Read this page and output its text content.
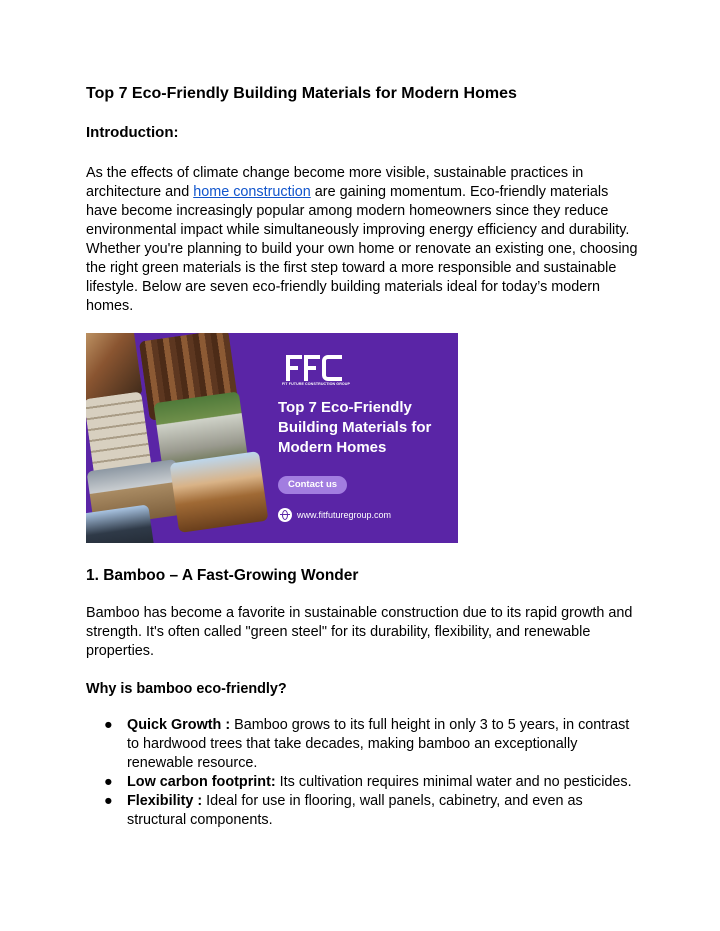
Top 7 Eco-Friendly Building Materials for Modern Homes
Introduction:

As the effects of climate change become more visible, sustainable practices in architecture and home construction are gaining momentum. Eco-friendly materials have become increasingly popular among modern homeowners since they reduce environmental impact while simultaneously improving energy efficiency and durability. Whether you're planning to build your own home or renovate an existing one, choosing the right green materials is the first step toward a more responsible and sustainable lifestyle. Below are seven eco-friendly building materials ideal for today’s modern homes.

FIT FUTURE CONSTRUCTION GROUP

Top 7 Eco-Friendly Building Materials for Modern Homes

Contact us
www.fitfuturegroup.com
1. Bamboo – A Fast-Growing Wonder

Bamboo has become a favorite in sustainable construction due to its rapid growth and strength. It's often called "green steel" for its durability, flexibility, and renewable properties.

Why is bamboo eco-friendly?
● Quick Growth : Bamboo grows to its full height in only 3 to 5 years, in contrast to hardwood trees that take decades, making bamboo an exceptionally renewable resource.
● Low carbon footprint: Its cultivation requires minimal water and no pesticides.
● Flexibility : Ideal for use in flooring, wall panels, cabinetry, and even as structural components.
